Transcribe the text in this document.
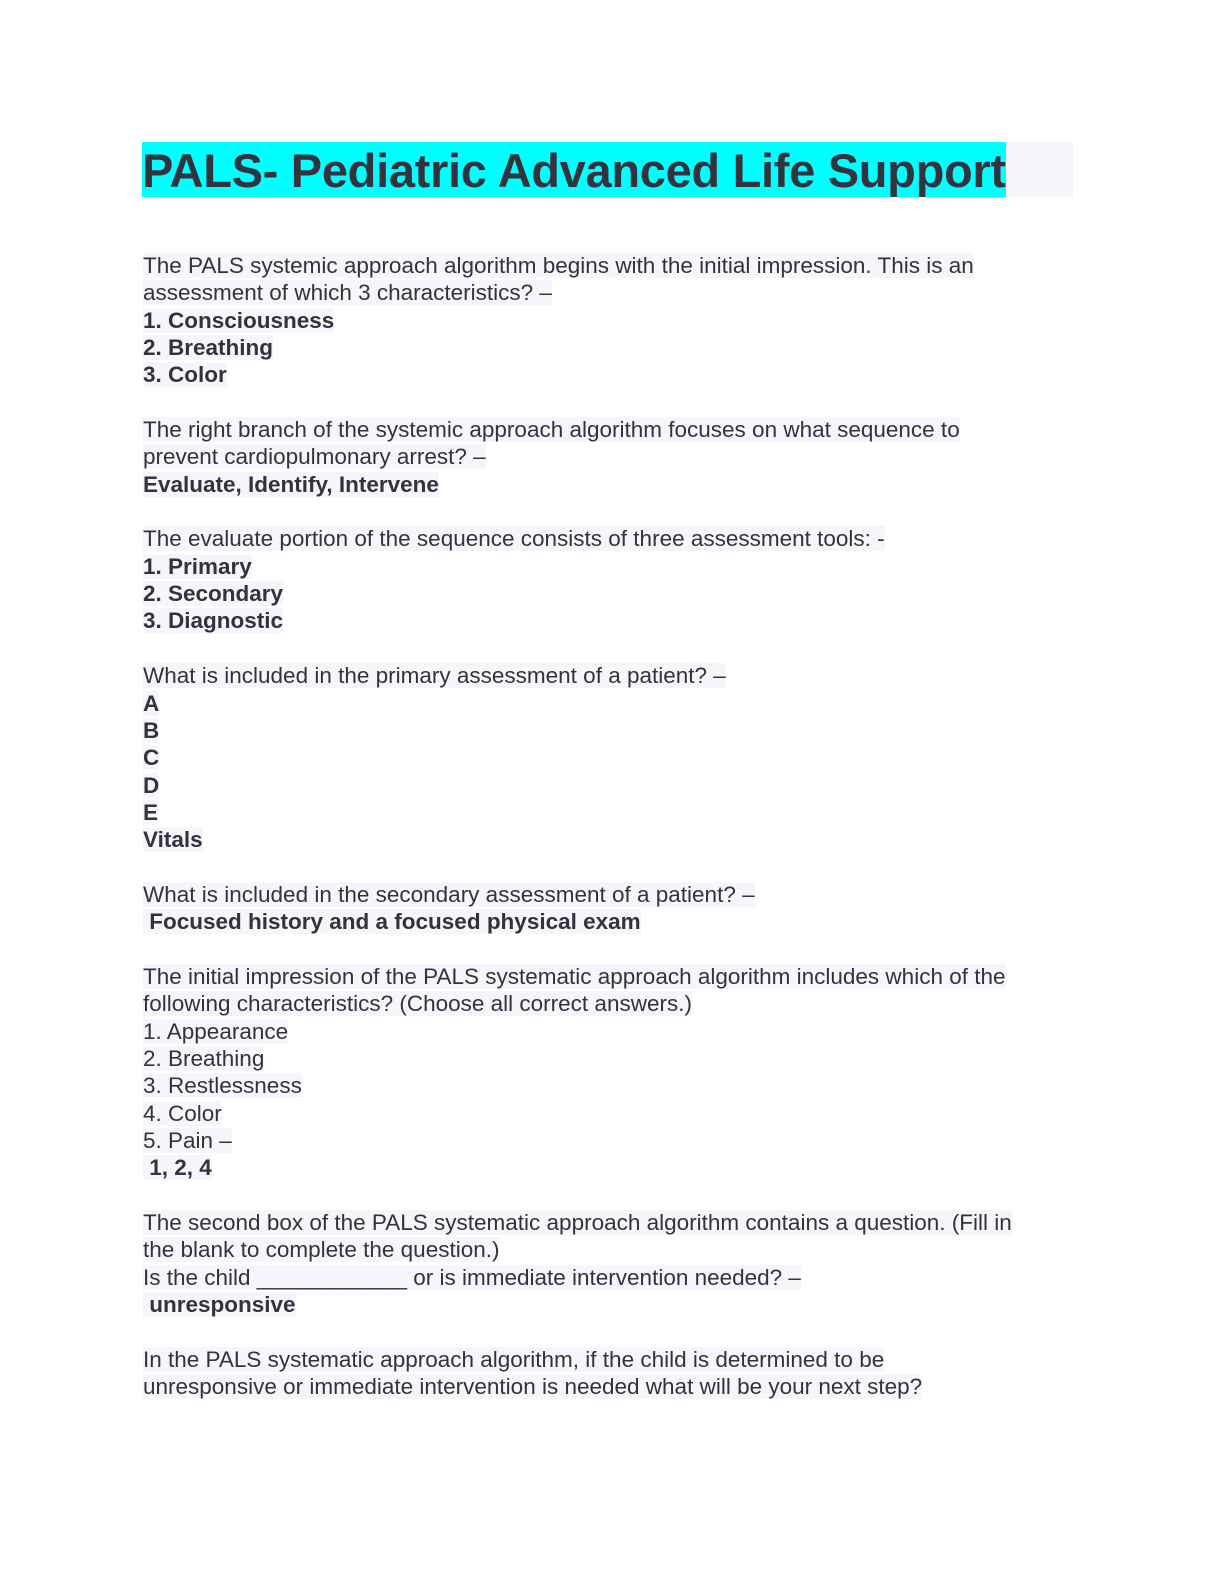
PALS- Pediatric Advanced Life Support
The PALS systemic approach algorithm begins with the initial impression. This is an
assessment of which 3 characteristics? –
1. Consciousness
2. Breathing
3. Color
The right branch of the systemic approach algorithm focuses on what sequence to
prevent cardiopulmonary arrest? –
Evaluate, Identify, Intervene
The evaluate portion of the sequence consists of three assessment tools: -
1. Primary
2. Secondary
3. Diagnostic
What is included in the primary assessment of a patient? –
A
B
C
D
E
Vitals
What is included in the secondary assessment of a patient? –
Focused history and a focused physical exam
The initial impression of the PALS systematic approach algorithm includes which of the
following characteristics? (Choose all correct answers.)
1. Appearance
2. Breathing
3. Restlessness
4. Color
5. Pain –
1, 2, 4
The second box of the PALS systematic approach algorithm contains a question. (Fill in
the blank to complete the question.)
Is the child ____________ or is immediate intervention needed? –
unresponsive
In the PALS systematic approach algorithm, if the child is determined to be
unresponsive or immediate intervention is needed what will be your next step?
